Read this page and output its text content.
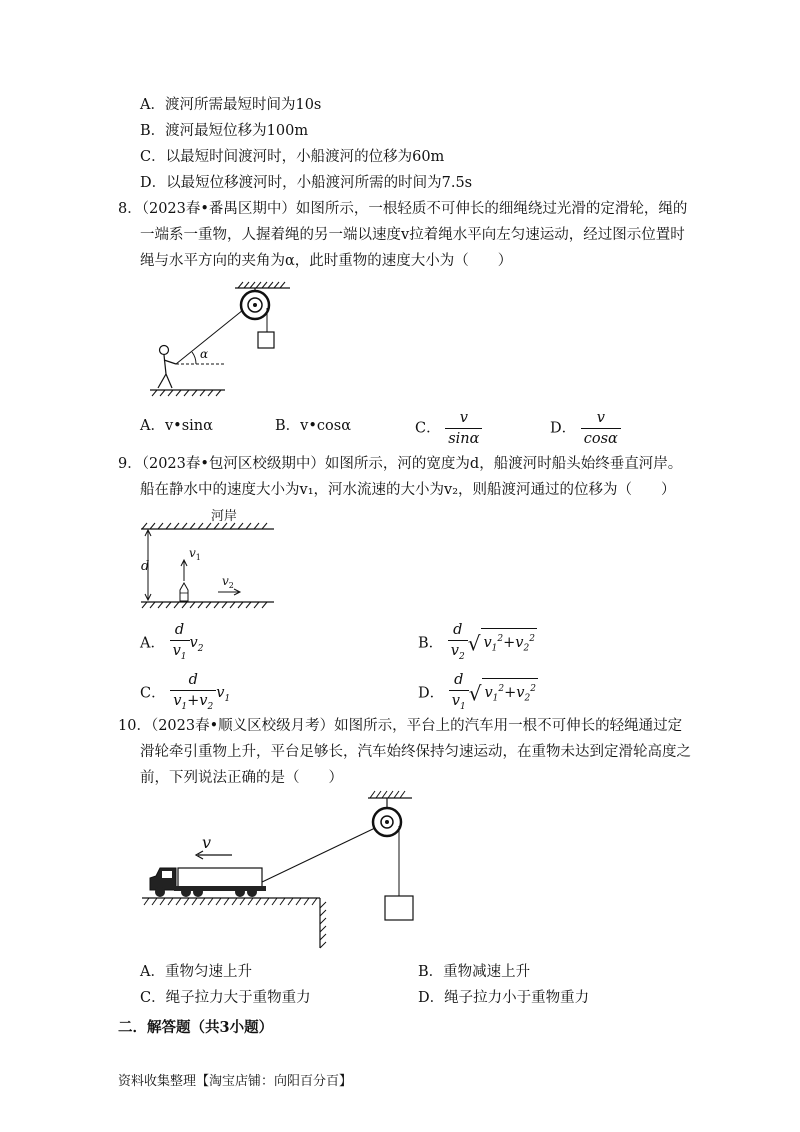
A．渡河所需最短时间为10s
B．渡河最短位移为100m
C．以最短时间渡河时，小船渡河的位移为60m
D．以最短位移渡河时，小船渡河所需的时间为7.5s
8．（2023春•番禺区期中）如图所示，一根轻质不可伸长的细绳绕过光滑的定滑轮，绳的
一端系一重物，人握着绳的另一端以速度v拉着绳水平向左匀速运动，经过图示位置时
绳与水平方向的夹角为α，此时重物的速度大小为（　　）
α
A．v•sinα	B．v•cosα	C． $\frac{v}{\sin\alpha}$	D． $\frac{v}{\cos\alpha}$
9．（2023春•包河区校级期中）如图所示，河的宽度为d，船渡河时船头始终垂直河岸。
船在静水中的速度大小为v₁，河水流速的大小为v₂，则船渡河通过的位移为（　　）
河岸
d
$v_1$
$v_2$
A． $\frac{d}{v_1} v_2$	B． $\frac{d}{v_2}$ √ $v_1^2+v_2^2$
C． $\frac{d}{v_1+v_2} v_1$	D． $\frac{d}{v_1}$ √ $v_1^2+v_2^2$
10．（2023春•顺义区校级月考）如图所示，平台上的汽车用一根不可伸长的轻绳通过定
滑轮牵引重物上升，平台足够长，汽车始终保持匀速运动，在重物未达到定滑轮高度之
前，下列说法正确的是（　　）
v
A．重物匀速上升	B．重物减速上升
C．绳子拉力大于重物重力	D．绳子拉力小于重物重力
二．解答题（共3小题）
资料收集整理【淘宝店铺：向阳百分百】
